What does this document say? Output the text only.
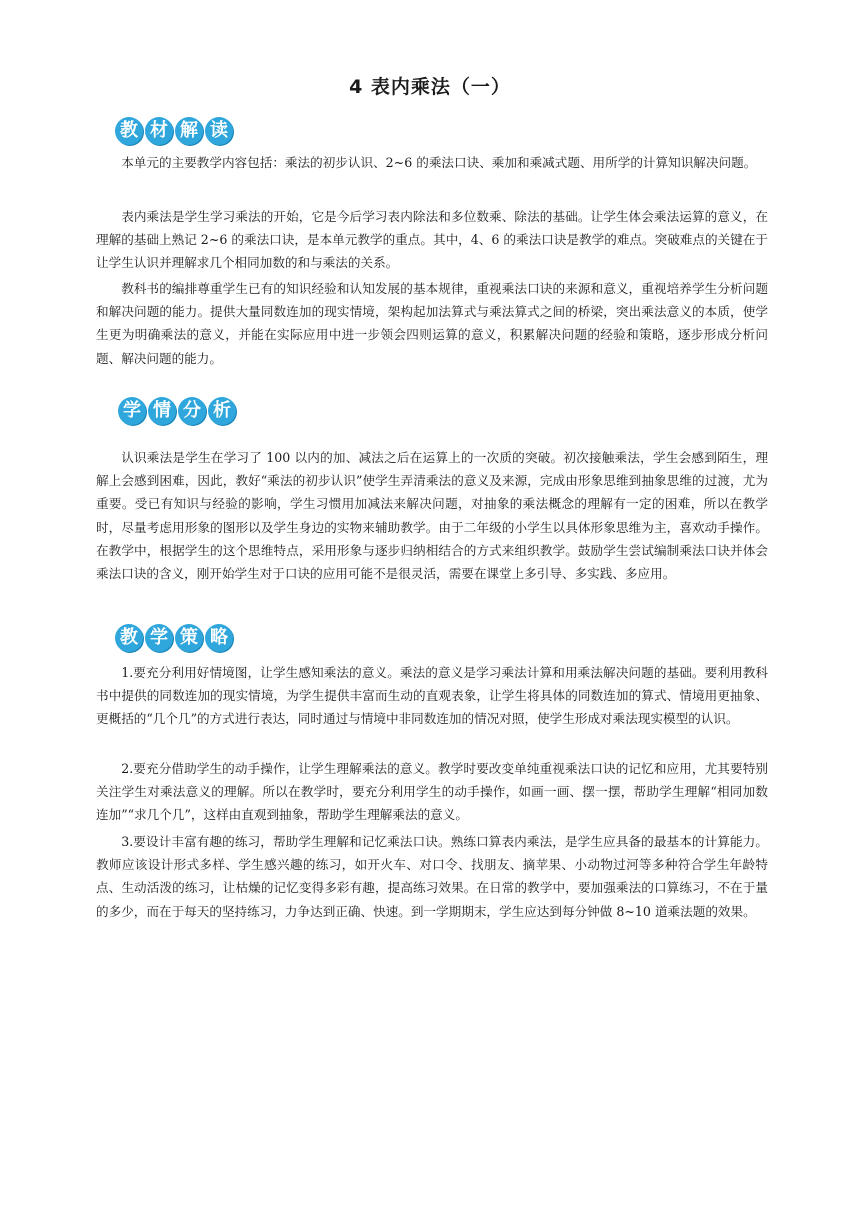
4 表内乘法（一）
教 材 解 读

本单元的主要教学内容包括：乘法的初步认识、2~6 的乘法口诀、乘加和乘减式题、用所学的计算知识解决问题。

表内乘法是学生学习乘法的开始，它是今后学习表内除法和多位数乘、除法的基础。让学生体会乘法运算的意义，在理解的基础上熟记 2~6 的乘法口诀，是本单元教学的重点。其中，4、6 的乘法口诀是教学的难点。突破难点的关键在于让学生认识并理解求几个相同加数的和与乘法的关系。

教科书的编排尊重学生已有的知识经验和认知发展的基本规律，重视乘法口诀的来源和意义，重视培养学生分析问题和解决问题的能力。提供大量同数连加的现实情境，架构起加法算式与乘法算式之间的桥梁，突出乘法意义的本质，使学生更为明确乘法的意义，并能在实际应用中进一步领会四则运算的意义，积累解决问题的经验和策略，逐步形成分析问题、解决问题的能力。

学 情 分 析

认识乘法是学生在学习了 100 以内的加、减法之后在运算上的一次质的突破。初次接触乘法，学生会感到陌生，理解上会感到困难，因此，教好“乘法的初步认识”使学生弄清乘法的意义及来源，完成由形象思维到抽象思维的过渡，尤为重要。受已有知识与经验的影响，学生习惯用加减法来解决问题，对抽象的乘法概念的理解有一定的困难，所以在教学时，尽量考虑用形象的图形以及学生身边的实物来辅助教学。由于二年级的小学生以具体形象思维为主，喜欢动手操作。在教学中，根据学生的这个思维特点，采用形象与逐步归纳相结合的方式来组织教学。鼓励学生尝试编制乘法口诀并体会乘法口诀的含义，刚开始学生对于口诀的应用可能不是很灵活，需要在课堂上多引导、多实践、多应用。

教 学 策 略

1.要充分利用好情境图，让学生感知乘法的意义。乘法的意义是学习乘法计算和用乘法解决问题的基础。要利用教科书中提供的同数连加的现实情境，为学生提供丰富而生动的直观表象，让学生将具体的同数连加的算式、情境用更抽象、更概括的“几个几”的方式进行表达，同时通过与情境中非同数连加的情况对照，使学生形成对乘法现实模型的认识。

2.要充分借助学生的动手操作，让学生理解乘法的意义。教学时要改变单纯重视乘法口诀的记忆和应用，尤其要特别关注学生对乘法意义的理解。所以在教学时，要充分利用学生的动手操作，如画一画、摆一摆，帮助学生理解“相同加数连加”“求几个几”，这样由直观到抽象，帮助学生理解乘法的意义。

3.要设计丰富有趣的练习，帮助学生理解和记忆乘法口诀。熟练口算表内乘法，是学生应具备的最基本的计算能力。教师应该设计形式多样、学生感兴趣的练习，如开火车、对口令、找朋友、摘苹果、小动物过河等多种符合学生年龄特点、生动活泼的练习，让枯燥的记忆变得多彩有趣，提高练习效果。在日常的教学中，要加强乘法的口算练习，不在于量的多少，而在于每天的坚持练习，力争达到正确、快速。到一学期期末，学生应达到每分钟做 8~10 道乘法题的效果。
